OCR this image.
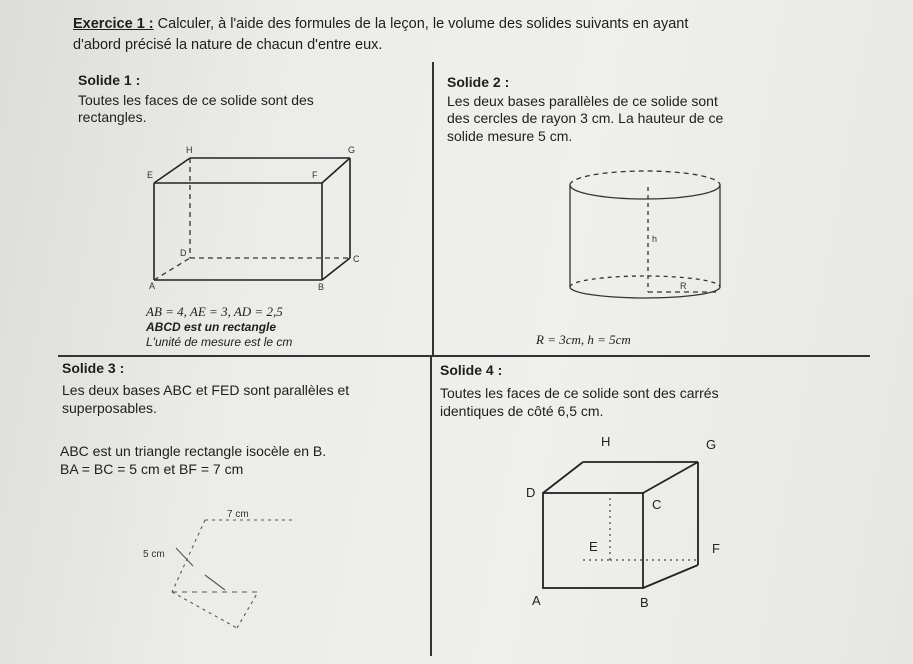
Exercice 1 : Calculer, à l'aide des formules de la leçon, le volume des solides suivants en ayant
d'abord précisé la nature de chacun d'entre eux.
Solide 1 :
Toutes les faces de ce solide sont des
rectangles.
H	G
E	F
D
C
A	B
AB = 4, AE = 3, AD = 2,5
ABCD est un rectangle
L'unité de mesure est le cm
Solide 2 :
Les deux bases parallèles de ce solide sont
des cercles de rayon 3 cm. La hauteur de ce
solide mesure 5 cm.
h
R
R = 3cm, h = 5cm
Solide 3 :
Les deux bases ABC et FED sont parallèles et
superposables.
ABC est un triangle rectangle isocèle en B.
BA = BC = 5 cm et BF = 7 cm
7 cm
5 cm
Solide 4 :
Toutes les faces de ce solide sont des carrés
identiques de côté 6,5 cm.
H	G
D
C
E	F
A	B
